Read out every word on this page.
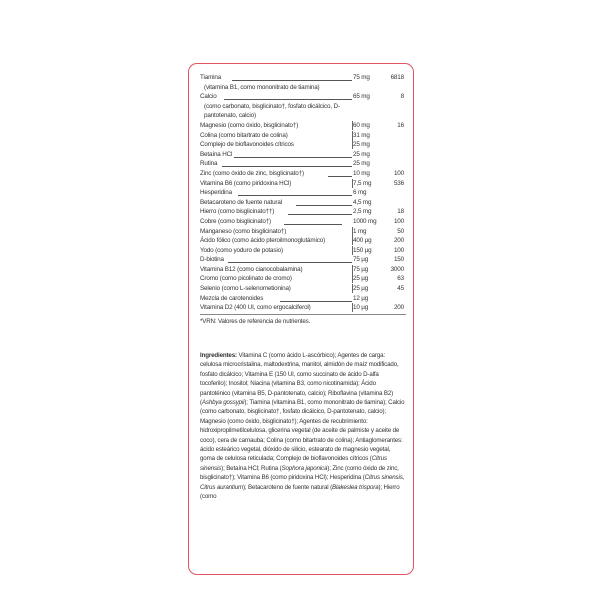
Tiamina	75 mg	6818
(vitamina B1, como mononitrato de tiamina)
Calcio	65 mg	8
(como carbonato, bisglicinato†, fosfato dicálcico, D-pantotenato, calcio)
Magnesio (como óxido, bisglicinato†)	60 mg	16
Colina (como bitartrato de colina)	31 mg
Complejo de bioflavonoides cítricos	25 mg
Betaína HCl	25 mg
Rutina	25 mg
Zinc (como óxido de zinc, bisglicinato†)	10 mg	100
Vitamina B6 (como piridoxina HCl)	7,5 mg	536
Hesperidina	6 mg
Betacaroteno de fuente natural	4,5 mg
Hierro (como bisglicinato††)	2,5 mg	18
Cobre (como bisglicinato†)	1000 mg	100
Manganeso (como bisglicinato†)	1 mg	50
Ácido fólico (como ácido pteroilmonoglutámico)	400 µg	200
Yodo (como yoduro de potasio)	150 µg	100
D-biotina	75 µg	150
Vitamina B12 (como cianocobalamina)	75 µg	3000
Cromo (como picolinato de cromo)	25 µg	63
Selenio (como L-selenometionina)	25 µg	45
Mezcla de carotenoides	12 µg
Vitamina D2 (400 UI, como ergocalciferol)	10 µg	200
*VRN: Valores de referencia de nutrientes.
Ingredientes: Vitamina C (como ácido L-ascórbico); Agentes de carga: celulosa microcristalina, maltodextrina, manitol, almidón de maíz modificado, fosfato dicálcico; Vitamina E (150 UI, como succinato de ácido D-alfa tocoferilo); Inositol; Niacina (vitamina B3, como nicotinamida); Ácido pantoténico (vitamina B5, D-pantotenato, calcio); Riboflavina (vitamina B2) (Ashbya gossypii); Tiamina (vitamina B1, como mononitrato de tiamina); Calcio (como carbonato, bisglicinato†, fosfato dicálcico, D-pantotenato, calcio); Magnesio (como óxido, bisglicinato†); Agentes de recubrimiento: hidroxipropilmetilcelulosa, glicerina vegetal (de aceite de palmiste y aceite de coco), cera de carnauba; Colina (como bitartrato de colina); Antiaglomerantes: ácido esteárico vegetal, dióxido de silicio, estearato de magnesio vegetal, goma de celulosa reticulada; Complejo de bioflavonoides cítricos (Citrus sinensis); Betaína HCl; Rutina (Sophora japonica); Zinc (como óxido de zinc, bisglicinato†); Vitamina B6 (como piridoxina HCl); Hesperidina (Citrus sinensis, Citrus aurantium); Betacaroteno de fuente natural (Blakeslea trispora); Hierro (como
